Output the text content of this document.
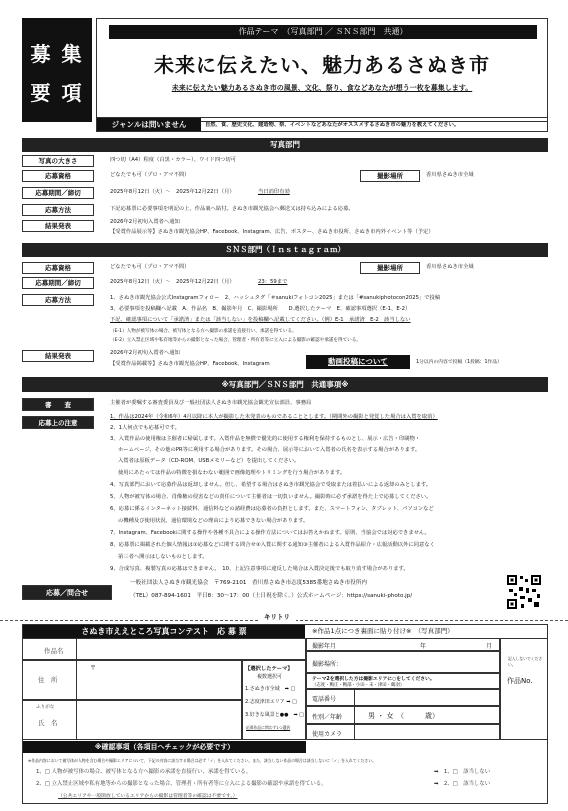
募 集
要 項
作品テーマ　（写真部門 ／ ＳＮＳ部門　共通）
未来に伝えたい、魅力あるさぬき市
未来に伝えたい魅力あるさぬき市の風景、文化、祭り、食などあなたが想う一枚を募集します。
ジャンルは問いません	自然、食、歴史文化、建造物、祭、イベントなどあなたがオススメするさぬき市の魅力を教えてください。
写真部門
写真の大きさ	四つ切（A4）程度（白黒・カラー）、ワイド四つ切可
応募資格	どなたでも可（プロ・アマ不問）	撮影場所	香川県さぬき市全域
応募期間／締切	2025年8月12日（火）〜　2025年12月22日（月）	当日消印有効
応募方法	下記応募票に必要事項を明記の上、作品裏へ貼付。さぬき市観光協会へ郵送又は持ち込みによる応募。
結果発表	2026年2月初旬入賞者へ通知
【受賞作品展示等】さぬき市観光協会HP、Facebook、Instagram、広告、ポスター、さぬき市役所、さぬき市内外イベント等（予定）
ＳＮＳ部門（Ｉｎｓｔａｇｒａｍ）
応募資格	どなたでも可（プロ・アマ不問）	撮影場所	香川県さぬき市全域
応募期間／締切	2025年8月12日（火）〜　2025年12月22日（月）	23：59まで
応募方法	1、さぬき市観光協会公式Instagramフォロー　2、ハッシュタグ「＃sanukiフォトコン2025」または「#sanukiphotocon2025」で投稿
3、必要事項を投稿欄へ記載　A、作品名　B、撮影年月　C、撮影場所　　D.選択したテーマ　E、確認事項選択（E-1、E-2）
下記、確認事項について「承諾済」または「該当しない」を投稿欄へ記載してください。（例）E-1　承諾済　E-2　該当しない
（E-1）人物が被写体の場合、被写体となる方へ撮影の承諾を直接行い、承諾を得ている。
（E-2）立入禁止区域や私有地等からの撮影となった場合、管理者・所有者等に立入による撮影の確認や承諾を得ている。
結果発表	2026年2月初旬入賞者へ通知
【受賞作品掲載等】さぬき市観光協会HP、Facebook、Instagram	動画投稿について	1分以内の内容で投稿（1投稿：1作品）
※写真部門／ＳＮＳ部門　共通事項※
審　　査	主催者が委嘱する審査委員及び一般社団法人さぬき市観光協会観光宣伝部員、事務局
応募上の注意
1、作品は2024年（令和6年）4月以降に本人が撮影した未発表のものであることとします。（期間外の撮影と発覚した場合は入賞を取消）
2、1人何点でも応募可です。
3、入賞作品の使用権は主催者に帰属します。入賞作品を無償で優先的に使用する権利を保持するものとし、展示・広告・印刷物・
ホームページ、その他のPR等に利用する場合があります。その場合、展示等において入賞者の氏名を表示する場合があります。
入賞者は原板データ（CD-ROM、USBメモリーなど）を提出してください。
使用にあたっては作品の特徴を損なわない範囲で画像処理やトリミングを行う場合があります。
4、写真部門において応募作品は返却しません。但し、希望する場合はさぬき市観光協会で受取または着払いによる返却のみとします。
5、人物が被写体の場合、肖像権の侵害などの責任について主催者は一切負いません。撮影時に必ず承諾を得た上で応募してください。
6、応募に係るインターネット接続料、通信料などの諸経費は応募者の負担とします。また、スマートフォン、タブレット、パソコンなど
の機種及び使用状況、通信環境などの理由により応募できない場合があります。
7、Instagram、Facebookに関する操作や各種不具合による操作方法についてはお答えかねます。原則、当協会では対応できません。
8、応募票に掲載された個人情報は①応募などに関する問合せ②入賞に関する通知③主催者による入賞作品紹介・広報活動以外に同意なく
第三者へ開示はしないものとします。
9、合成写真、複製写真の応募はできません。　10、上記注意事項に違反した場合は入賞決定後でも取り消す場合があります。
応募／問合せ
一般社団法人さぬき市観光協会　〒769-2101　香川県さぬき市志度5385番地さぬき市役所内
（TEL）087-894-1601　平日8：30〜17：00（土日祝を除く。）公式ホームページ：https://sanuki-photo.jp/
キリトリ
さぬき市ええところ写真コンテスト　応 募 票	※作品1点につき裏面に貼り付け※　（写真部門）
作品名
住　所
〒
ふりがな
氏　名
【選択したテーマ】
複数選択可
1.さぬき市全域　➡ □
2.志度津田エリア ➡ □
3.好きな風景と●●　➡ □
応募作品に問わず1つ選択
撮影年月	年	月
撮影場所：
テーマ2を選択した方は撮影エリアに○をしてください。
（志度・鴨庄・鴨部・小田・末・津田・鶴羽）
電話番号
性別／年齢	男 ・ 女　（　　　歳）
使用カメラ
記入しないでください。
作品No.
※確認事項（各項目へチェックが必要です）
※作品内容において被写体が人物を含む場合や撮影エリアについて、下記の内容に該当する場合は必ず「✓」を入れてください。また、該当しない作品の場合は該当しないに「✓」を入れてください。
1、□ 人物が被写体の場合、被写体となる方へ撮影の承諾を直接行い、承諾を得ている。	➡　1、□　該当しない
2、□ 立入禁止区域や私有地等からの撮影となった場合、管理者・所有者等に立入による撮影の確認や承諾を得ている。	➡　2、□　該当しない
（公共エリアや一般開放しているエリアからの撮影は管理者等の確認は不要です。）
